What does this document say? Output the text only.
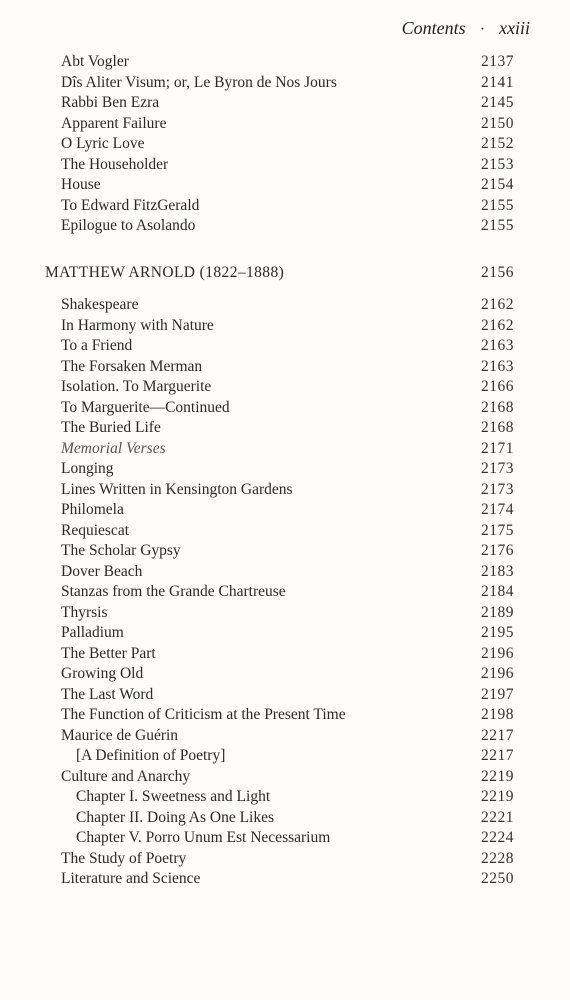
Contents · xxiii
Abt Vogler	2137
Dîs Aliter Visum; or, Le Byron de Nos Jours	2141
Rabbi Ben Ezra	2145
Apparent Failure	2150
O Lyric Love	2152
The Householder	2153
House	2154
To Edward FitzGerald	2155
Epilogue to Asolando	2155
MATTHEW ARNOLD (1822–1888)	2156
Shakespeare	2162
In Harmony with Nature	2162
To a Friend	2163
The Forsaken Merman	2163
Isolation. To Marguerite	2166
To Marguerite—Continued	2168
The Buried Life	2168
Memorial Verses	2171
Longing	2173
Lines Written in Kensington Gardens	2173
Philomela	2174
Requiescat	2175
The Scholar Gypsy	2176
Dover Beach	2183
Stanzas from the Grande Chartreuse	2184
Thyrsis	2189
Palladium	2195
The Better Part	2196
Growing Old	2196
The Last Word	2197
The Function of Criticism at the Present Time	2198
Maurice de Guérin	2217
[A Definition of Poetry]	2217
Culture and Anarchy	2219
Chapter I. Sweetness and Light	2219
Chapter II. Doing As One Likes	2221
Chapter V. Porro Unum Est Necessarium	2224
The Study of Poetry	2228
Literature and Science	2250
